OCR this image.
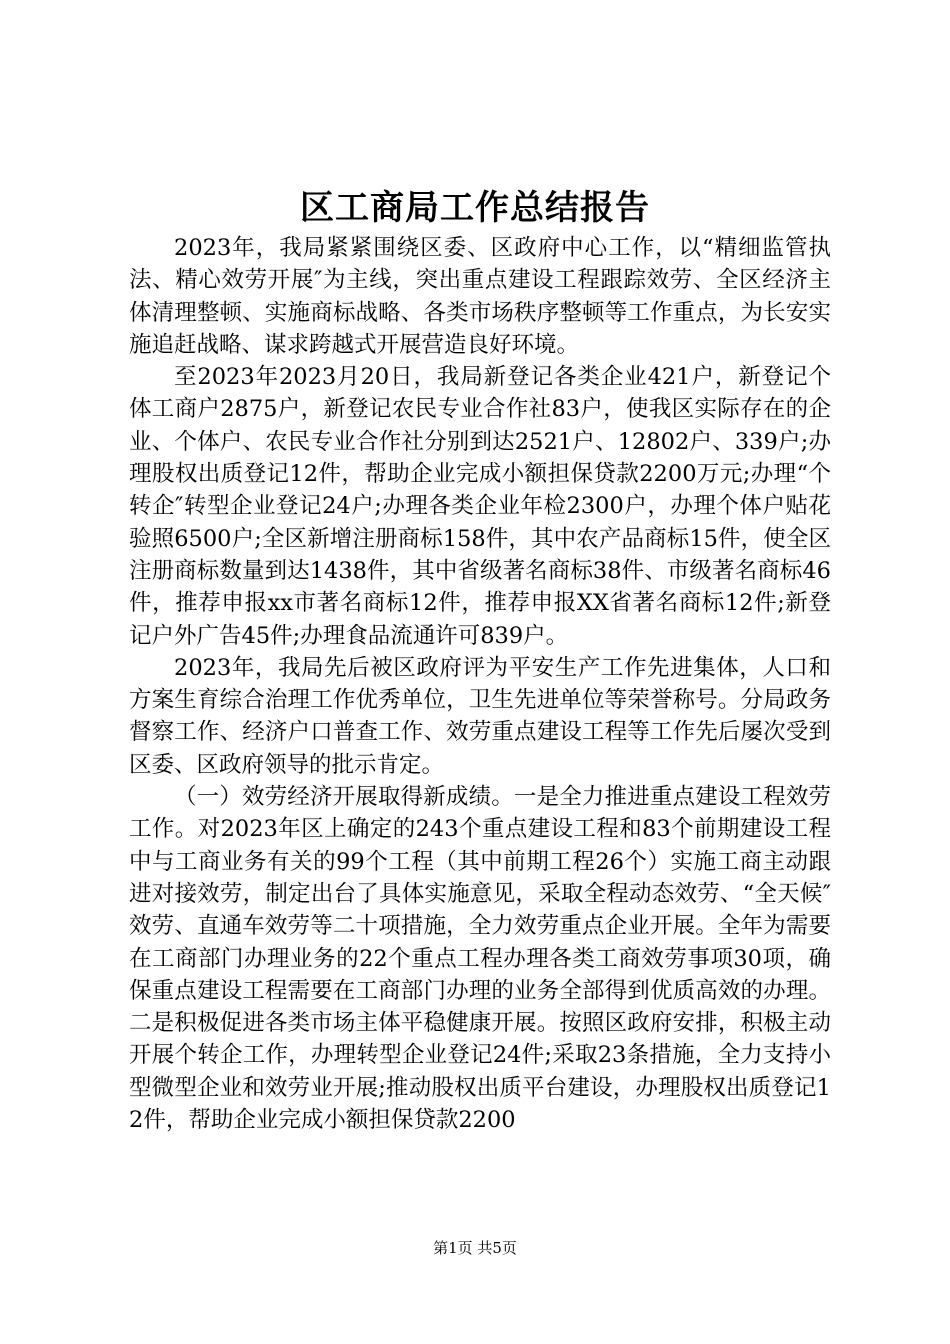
区工商局工作总结报告

2023年，我局紧紧围绕区委、区政府中心工作，以“精细监管执法、精心效劳开展″为主线，突出重点建设工程跟踪效劳、全区经济主体清理整顿、实施商标战略、各类市场秩序整顿等工作重点，为长安实施追赶战略、谋求跨越式开展营造良好环境。

至2023年2023月20日，我局新登记各类企业421户，新登记个体工商户2875户，新登记农民专业合作社83户，使我区实际存在的企业、个体户、农民专业合作社分别到达2521户、12802户、339户;办理股权出质登记12件，帮助企业完成小额担保贷款2200万元;办理“个转企″转型企业登记24户;办理各类企业年检2300户，办理个体户贴花验照6500户;全区新增注册商标158件，其中农产品商标15件，使全区注册商标数量到达1438件，其中省级著名商标38件、市级著名商标46件，推荐申报xx市著名商标12件，推荐申报XX省著名商标12件;新登记户外广告45件;办理食品流通许可839户。

2023年，我局先后被区政府评为平安生产工作先进集体，人口和方案生育综合治理工作优秀单位，卫生先进单位等荣誉称号。分局政务督察工作、经济户口普查工作、效劳重点建设工程等工作先后屡次受到区委、区政府领导的批示肯定。

（一）效劳经济开展取得新成绩。一是全力推进重点建设工程效劳工作。对2023年区上确定的243个重点建设工程和83个前期建设工程中与工商业务有关的99个工程（其中前期工程26个）实施工商主动跟进对接效劳，制定出台了具体实施意见，采取全程动态效劳、“全天候″效劳、直通车效劳等二十项措施，全力效劳重点企业开展。全年为需要在工商部门办理业务的22个重点工程办理各类工商效劳事项30项，确保重点建设工程需要在工商部门办理的业务全部得到优质高效的办理。二是积极促进各类市场主体平稳健康开展。按照区政府安排，积极主动开展个转企工作，办理转型企业登记24件;采取23条措施，全力支持小型微型企业和效劳业开展;推动股权出质平台建设，办理股权出质登记12件，帮助企业完成小额担保贷款2200

第1页 共5页
